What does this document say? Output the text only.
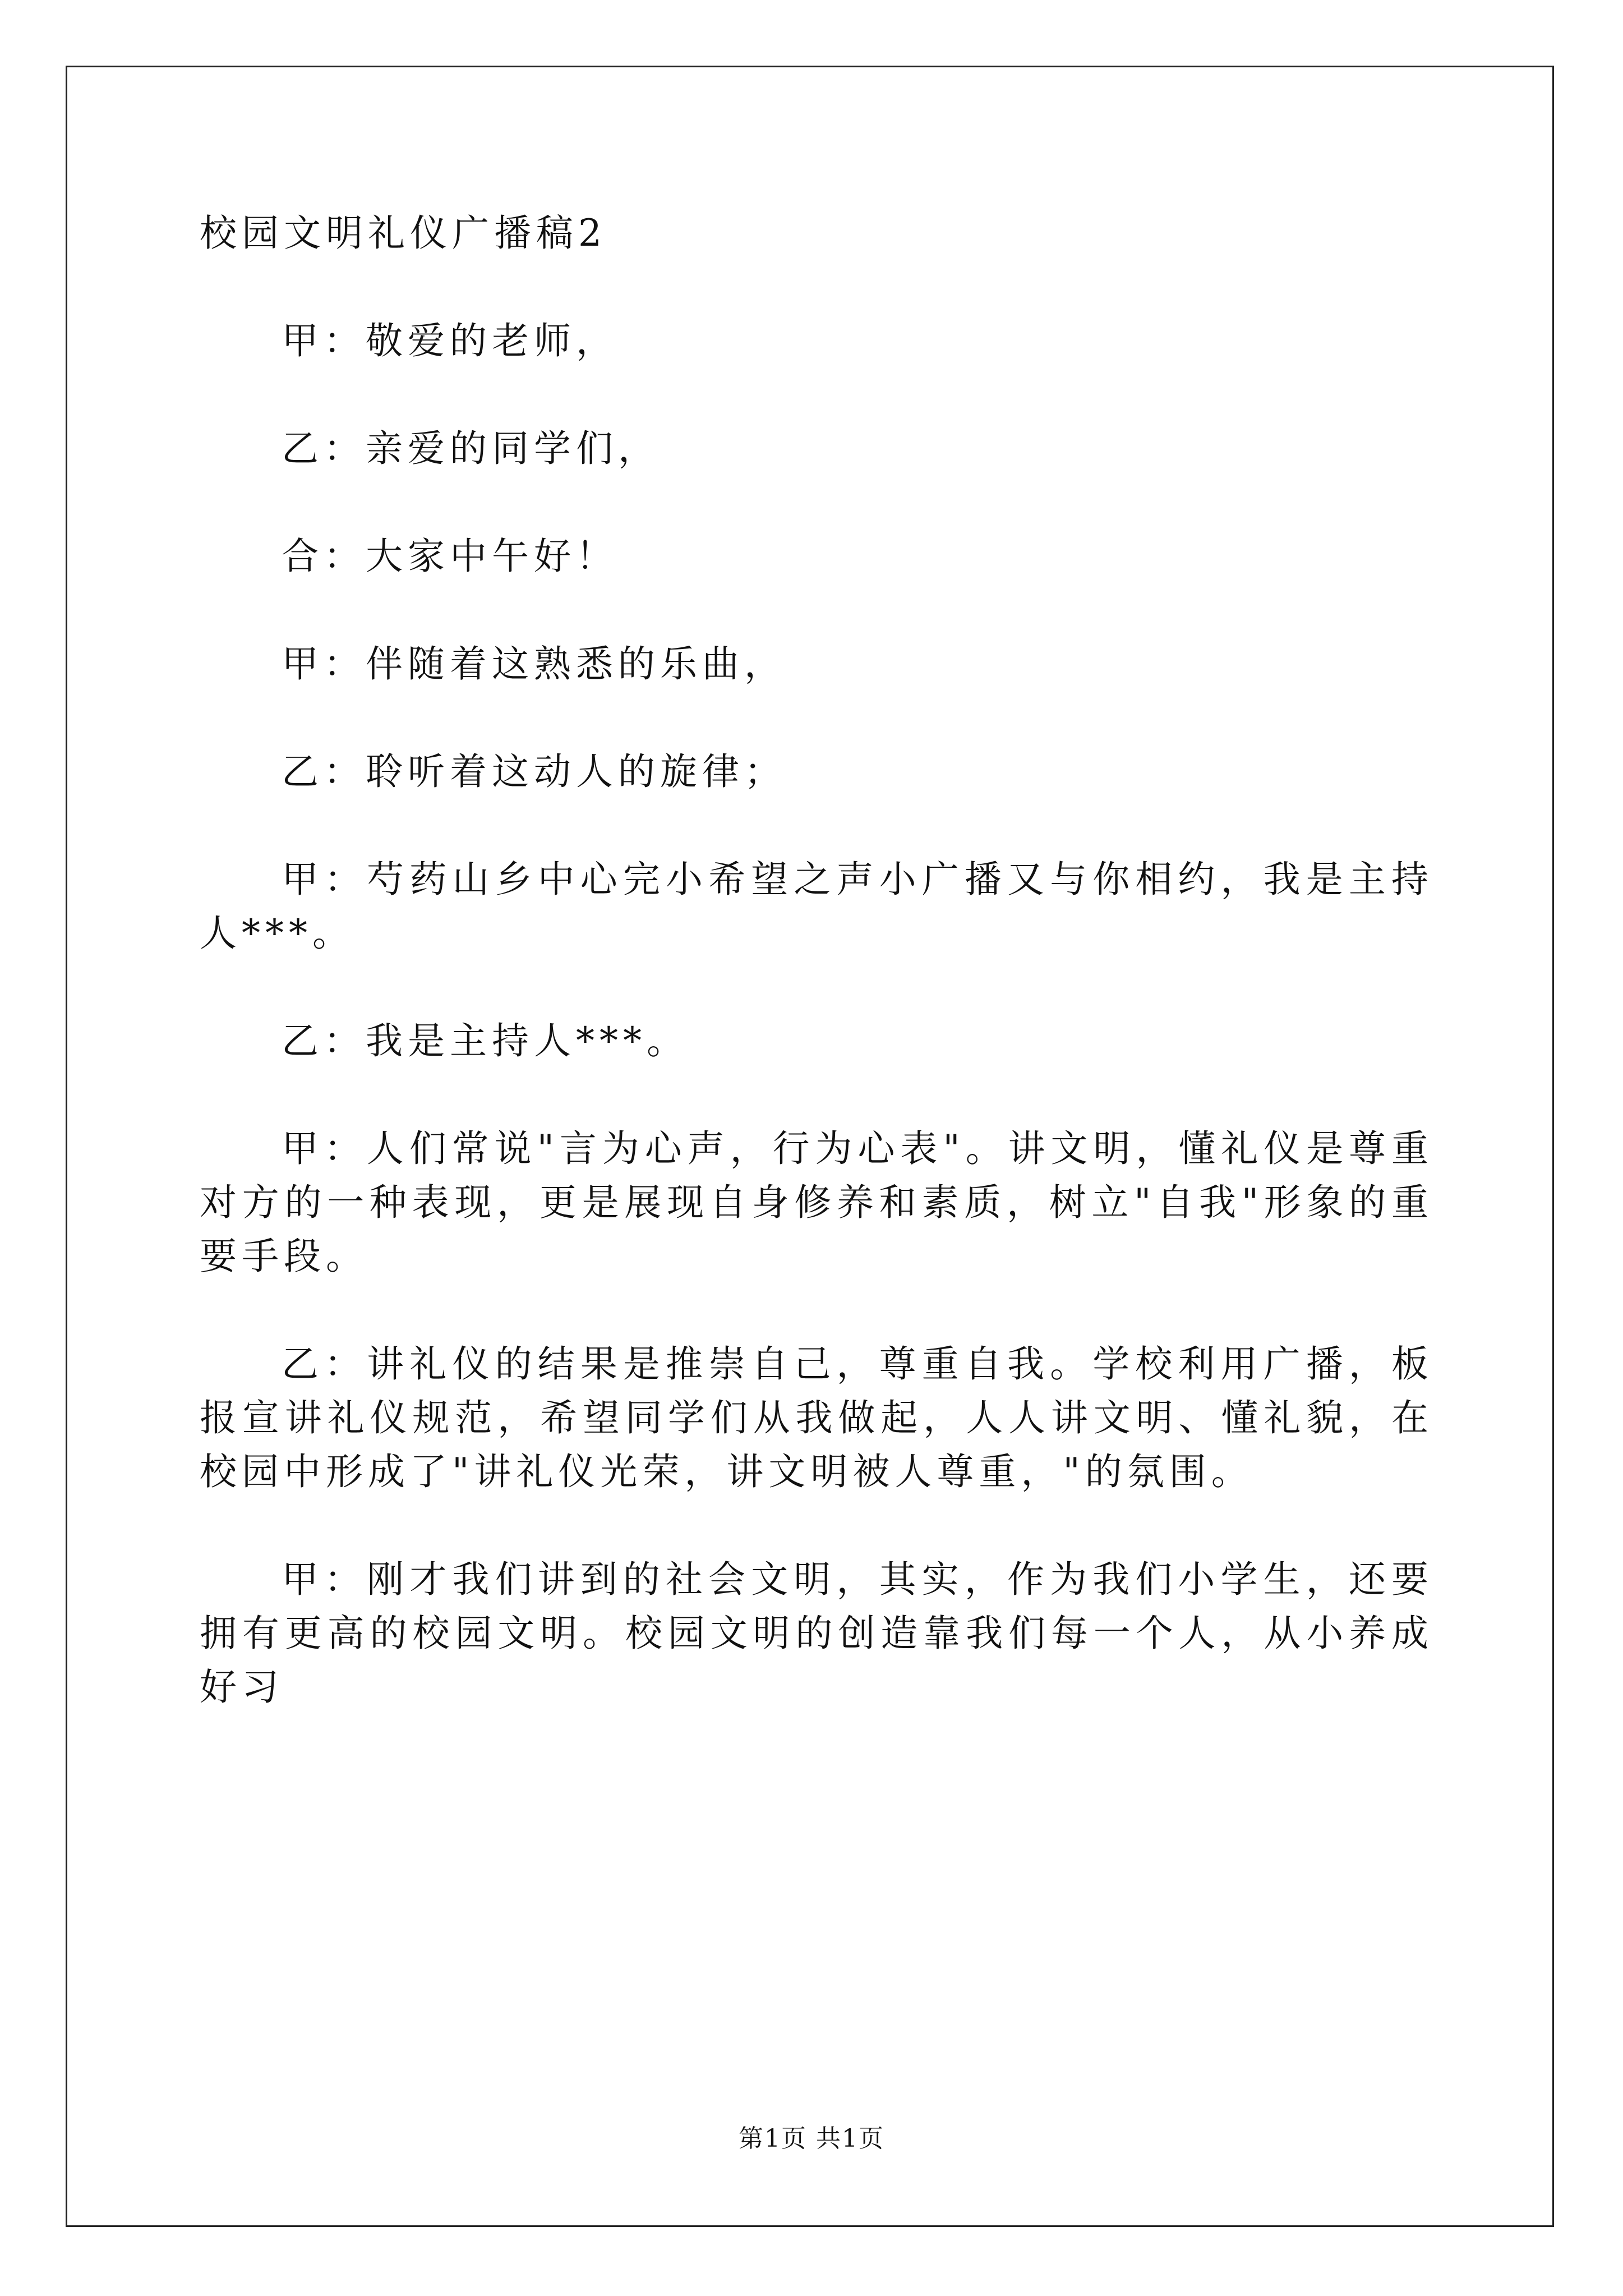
校园文明礼仪广播稿2

甲：敬爱的老师，

乙：亲爱的同学们，

合：大家中午好！

甲：伴随着这熟悉的乐曲，

乙：聆听着这动人的旋律；

甲：芍药山乡中心完小希望之声小广播又与你相约，我是主持人***。

乙：我是主持人***。

甲：人们常说"言为心声，行为心表"。讲文明，懂礼仪是尊重对方的一种表现，更是展现自身修养和素质，树立"自我"形象的重要手段。

乙：讲礼仪的结果是推崇自己，尊重自我。学校利用广播，板报宣讲礼仪规范，希望同学们从我做起，人人讲文明、懂礼貌，在校园中形成了"讲礼仪光荣，讲文明被人尊重，"的氛围。

甲：刚才我们讲到的社会文明，其实，作为我们小学生，还要拥有更高的校园文明。校园文明的创造靠我们每一个人，从小养成好习

第1页 共1页
